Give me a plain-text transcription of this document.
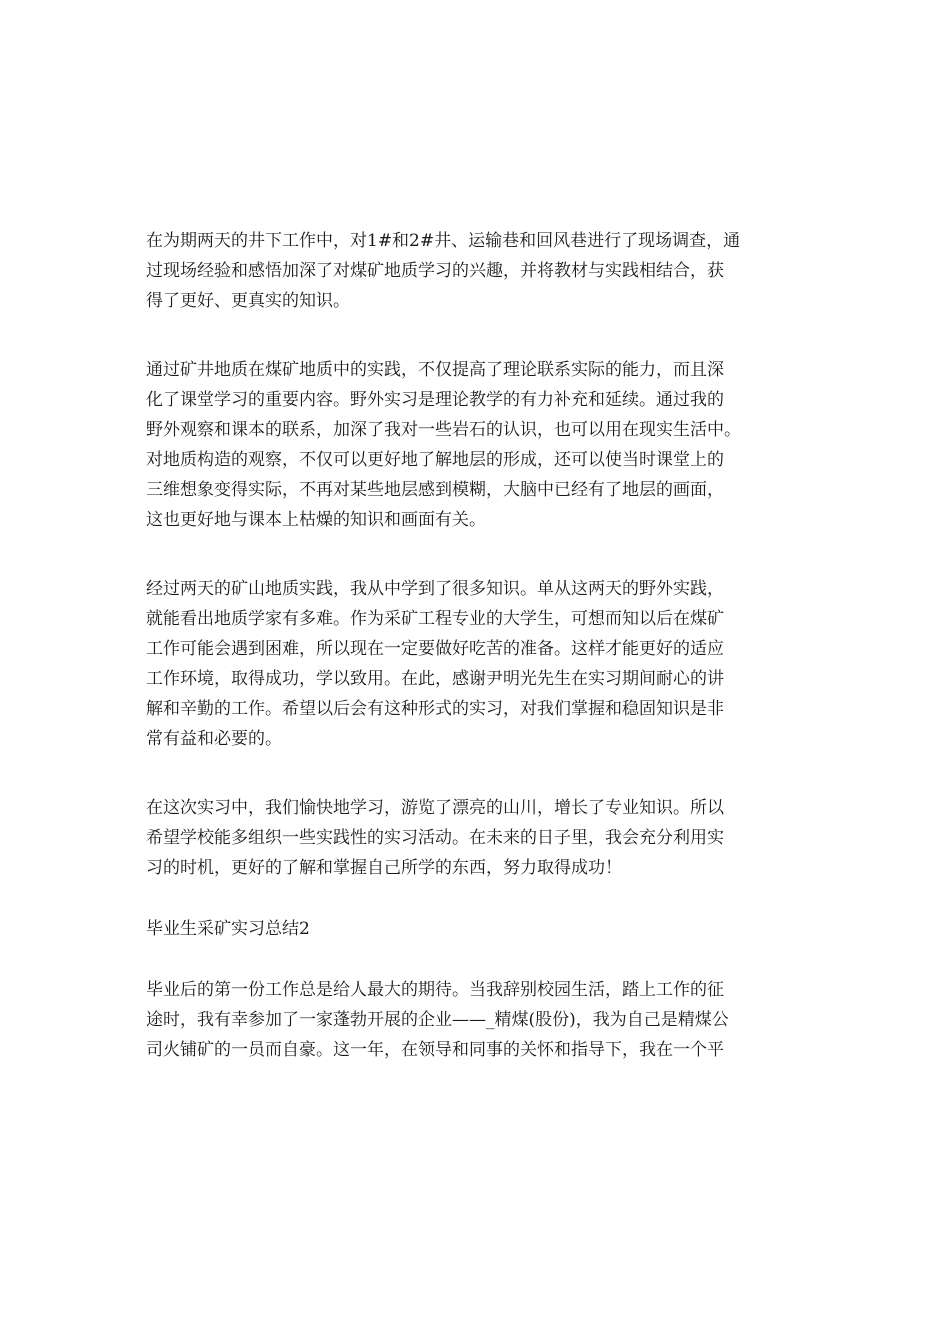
在为期两天的井下工作中，对1#和2#井、运输巷和回风巷进行了现场调查，通
过现场经验和感悟加深了对煤矿地质学习的兴趣，并将教材与实践相结合，获
得了更好、更真实的知识。

通过矿井地质在煤矿地质中的实践，不仅提高了理论联系实际的能力，而且深
化了课堂学习的重要内容。野外实习是理论教学的有力补充和延续。通过我的
野外观察和课本的联系，加深了我对一些岩石的认识，也可以用在现实生活中。
对地质构造的观察，不仅可以更好地了解地层的形成，还可以使当时课堂上的
三维想象变得实际，不再对某些地层感到模糊，大脑中已经有了地层的画面，
这也更好地与课本上枯燥的知识和画面有关。

经过两天的矿山地质实践，我从中学到了很多知识。单从这两天的野外实践，
就能看出地质学家有多难。作为采矿工程专业的大学生，可想而知以后在煤矿
工作可能会遇到困难，所以现在一定要做好吃苦的准备。这样才能更好的适应
工作环境，取得成功，学以致用。在此，感谢尹明光先生在实习期间耐心的讲
解和辛勤的工作。希望以后会有这种形式的实习，对我们掌握和稳固知识是非
常有益和必要的。

在这次实习中，我们愉快地学习，游览了漂亮的山川，增长了专业知识。所以
希望学校能多组织一些实践性的实习活动。在未来的日子里，我会充分利用实
习的时机，更好的了解和掌握自己所学的东西，努力取得成功！

毕业生采矿实习总结2

毕业后的第一份工作总是给人最大的期待。当我辞别校园生活，踏上工作的征
途时，我有幸参加了一家蓬勃开展的企业——_精煤(股份)，我为自己是精煤公
司火铺矿的一员而自豪。这一年，在领导和同事的关怀和指导下，我在一个平
